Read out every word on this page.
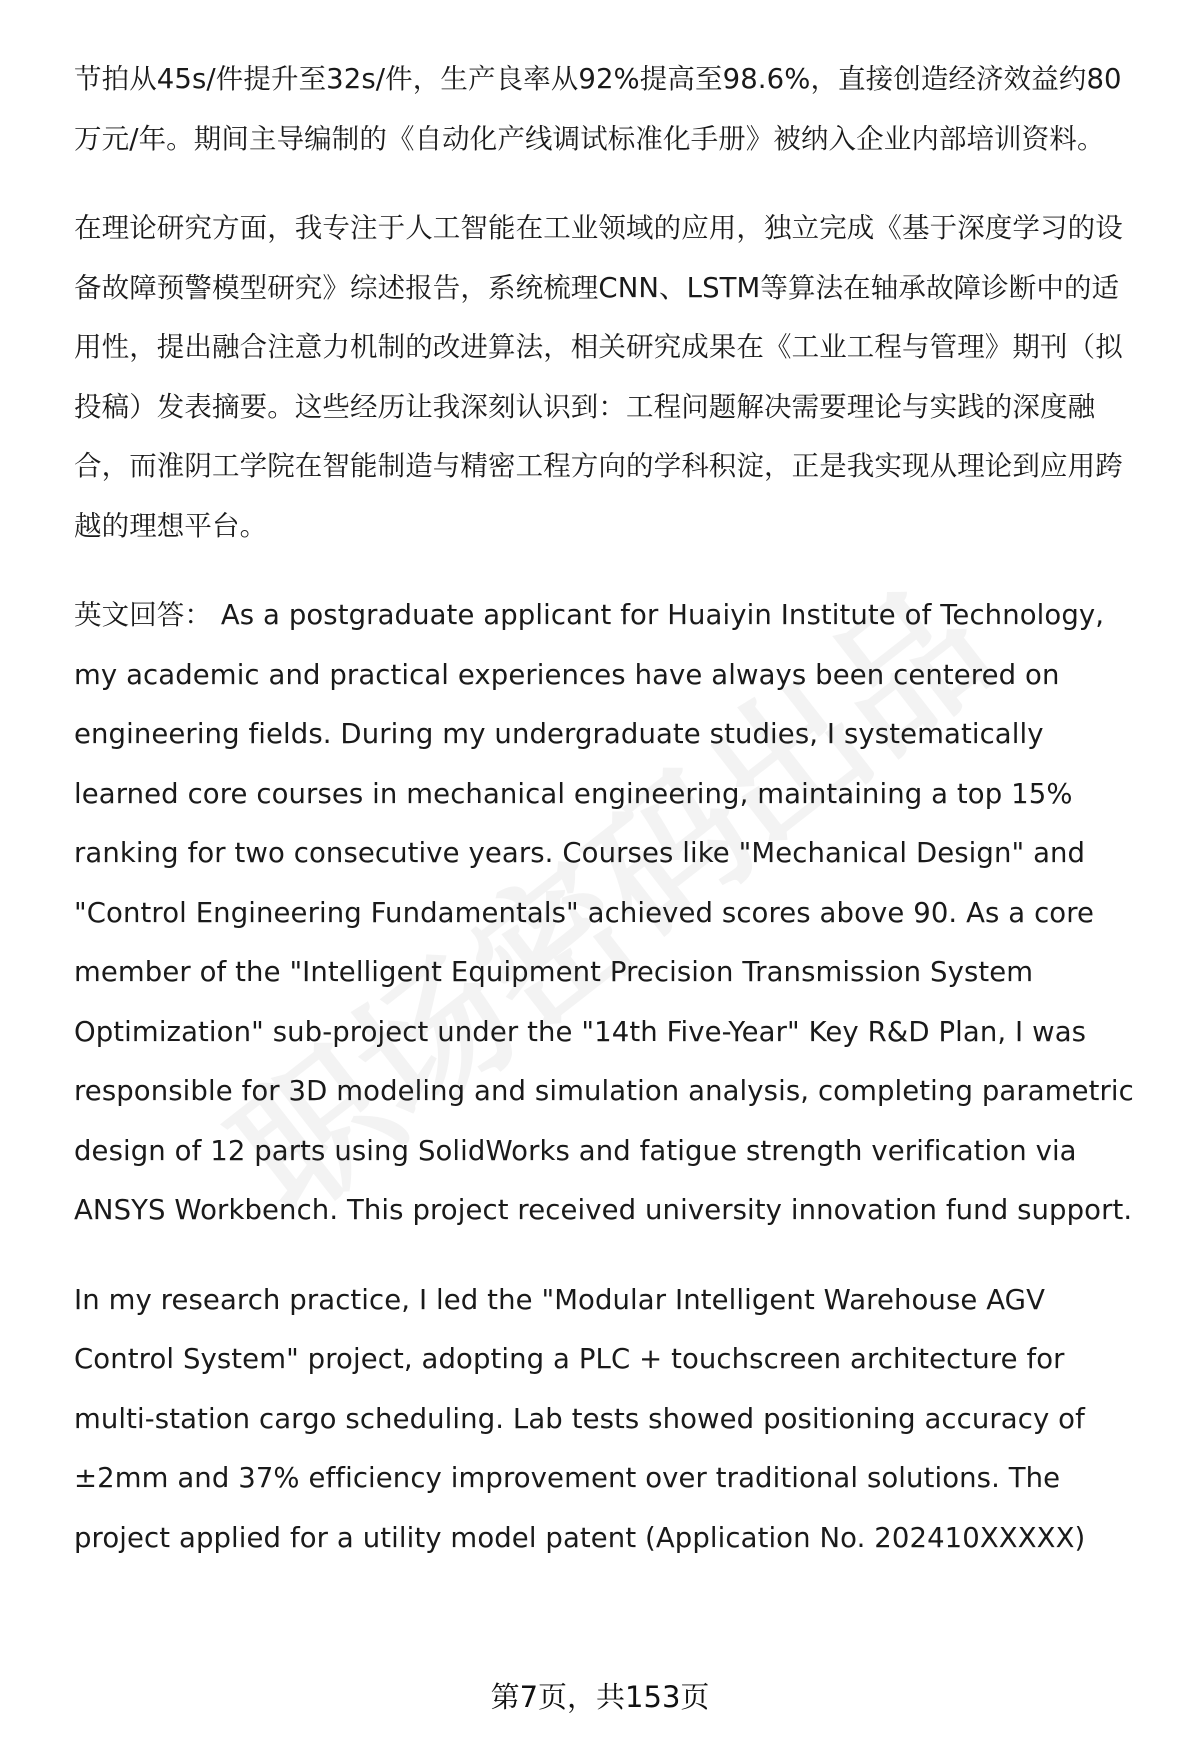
节拍从45s/件提升至32s/件，生产良率从92%提高至98.6%，直接创造经济效益约80万元/年。期间主导编制的《自动化产线调试标准化手册》被纳入企业内部培训资料。

在理论研究方面，我专注于人工智能在工业领域的应用，独立完成《基于深度学习的设备故障预警模型研究》综述报告，系统梳理CNN、LSTM等算法在轴承故障诊断中的适用性，提出融合注意力机制的改进算法，相关研究成果在《工业工程与管理》期刊（拟投稿）发表摘要。这些经历让我深刻认识到：工程问题解决需要理论与实践的深度融合，而淮阴工学院在智能制造与精密工程方向的学科积淀，正是我实现从理论到应用跨越的理想平台。

英文回答： As a postgraduate applicant for Huaiyin Institute of Technology, my academic and practical experiences have always been centered on engineering fields. During my undergraduate studies, I systematically learned core courses in mechanical engineering, maintaining a top 15% ranking for two consecutive years. Courses like "Mechanical Design" and "Control Engineering Fundamentals" achieved scores above 90. As a core member of the "Intelligent Equipment Precision Transmission System Optimization" sub-project under the "14th Five-Year" Key R&D Plan, I was responsible for 3D modeling and simulation analysis, completing parametric design of 12 parts using SolidWorks and fatigue strength verification via ANSYS Workbench. This project received university innovation fund support.

In my research practice, I led the "Modular Intelligent Warehouse AGV Control System" project, adopting a PLC + touchscreen architecture for multi-station cargo scheduling. Lab tests showed positioning accuracy of ±2mm and 37% efficiency improvement over traditional solutions. The project applied for a utility model patent (Application No. 202410XXXXX)

第7页，共153页
